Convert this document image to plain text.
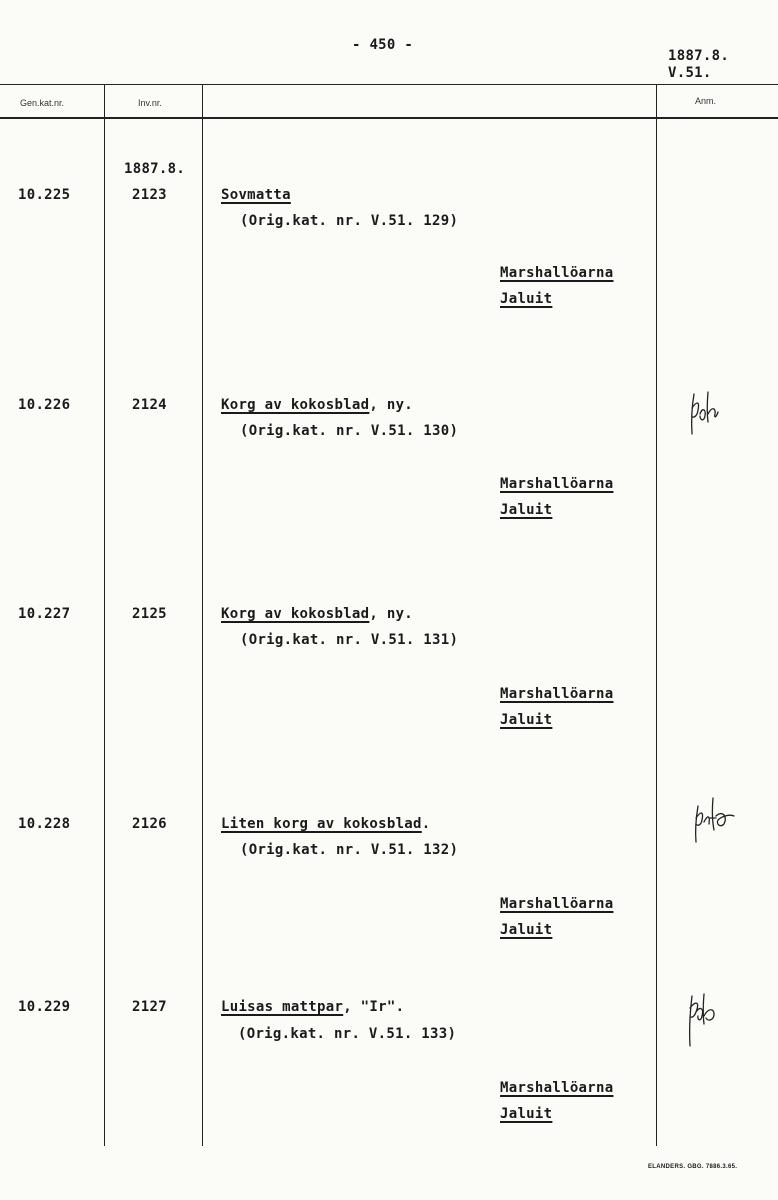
- 450 -
1887.8.
V.51.
Gen.kat.nr.	Inv.nr.	Anm.
1887.8.
10.225	2123	Sovmatta
(Orig.kat. nr. V.51. 129)
Marshallöarna
Jaluit
10.226	2124	Korg av kokosblad, ny.
(Orig.kat. nr. V.51. 130)
Marshallöarna
Jaluit
10.227	2125	Korg av kokosblad, ny.
(Orig.kat. nr. V.51. 131)
Marshallöarna
Jaluit
10.228	2126	Liten korg av kokosblad.
(Orig.kat. nr. V.51. 132)
Marshallöarna
Jaluit
10.229	2127	Luisas mattpar, "Ir".
(Orig.kat. nr. V.51. 133)
Marshallöarna
Jaluit
ELANDERS. GBG. 7886.3.65.
